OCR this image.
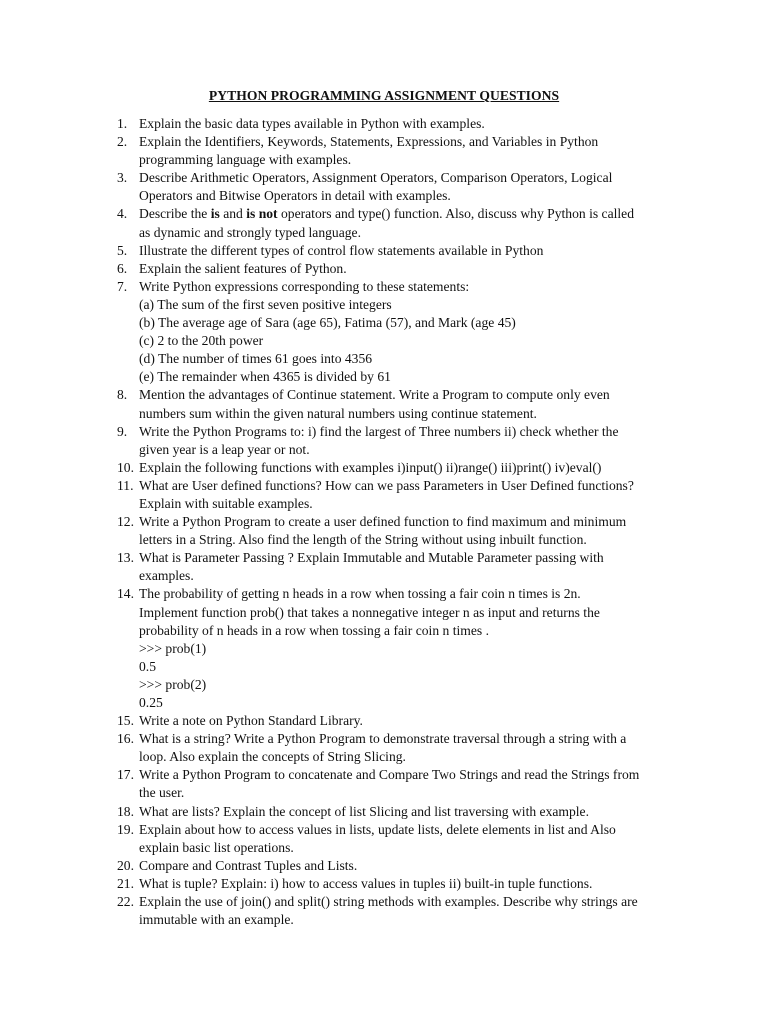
PYTHON PROGRAMMING ASSIGNMENT QUESTIONS
1. Explain the basic data types available in Python with examples.
2. Explain the Identifiers, Keywords, Statements, Expressions, and Variables in Python
programming language with examples.
3. Describe Arithmetic Operators, Assignment Operators, Comparison Operators, Logical
Operators and Bitwise Operators in detail with examples.
4. Describe the is and is not operators and type() function. Also, discuss why Python is called
as dynamic and strongly typed language.
5. Illustrate the different types of control flow statements available in Python
6. Explain the salient features of Python.
7. Write Python expressions corresponding to these statements:
(a) The sum of the first seven positive integers
(b) The average age of Sara (age 65), Fatima (57), and Mark (age 45)
(c) 2 to the 20th power
(d) The number of times 61 goes into 4356
(e) The remainder when 4365 is divided by 61
8. Mention the advantages of Continue statement. Write a Program to compute only even
numbers sum within the given natural numbers using continue statement.
9. Write the Python Programs to: i) find the largest of Three numbers ii) check whether the
given year is a leap year or not.
10. Explain the following functions with examples i)input() ii)range() iii)print() iv)eval()
11. What are User defined functions? How can we pass Parameters in User Defined functions?
Explain with suitable examples.
12. Write a Python Program to create a user defined function to find maximum and minimum
letters in a String. Also find the length of the String without using inbuilt function.
13. What is Parameter Passing ? Explain Immutable and Mutable Parameter passing with
examples.
14. The probability of getting n heads in a row when tossing a fair coin n times is 2n.
Implement function prob() that takes a nonnegative integer n as input and returns the
probability of n heads in a row when tossing a fair coin n times .
>>> prob(1)
0.5
>>> prob(2)
0.25
15. Write a note on Python Standard Library.
16. What is a string? Write a Python Program to demonstrate traversal through a string with a
loop. Also explain the concepts of String Slicing.
17. Write a Python Program to concatenate and Compare Two Strings and read the Strings from
the user.
18. What are lists? Explain the concept of list Slicing and list traversing with example.
19. Explain about how to access values in lists, update lists, delete elements in list and Also
explain basic list operations.
20. Compare and Contrast Tuples and Lists.
21. What is tuple? Explain: i) how to access values in tuples ii) built-in tuple functions.
22. Explain the use of join() and split() string methods with examples. Describe why strings are
immutable with an example.
